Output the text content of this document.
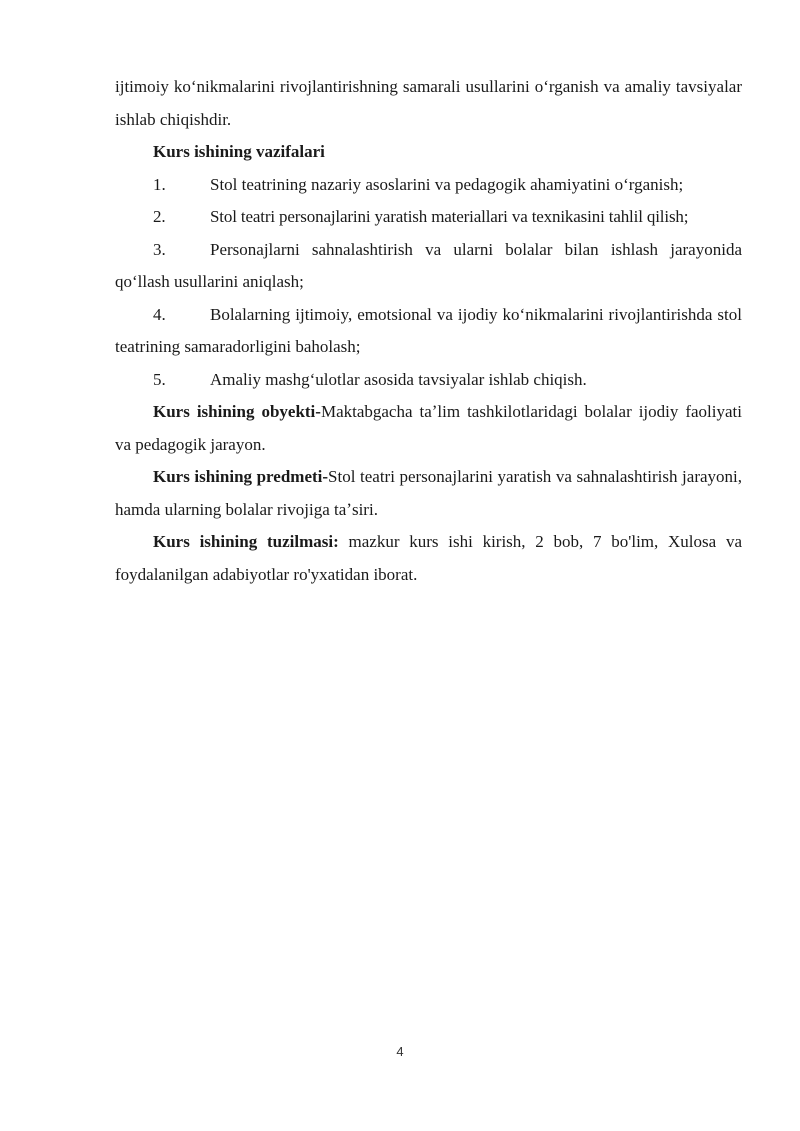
ijtimoiy koʻnikmalarini rivojlantirishning samarali usullarini oʻrganish va amaliy tavsiyalar ishlab chiqishdir.

Kurs ishining vazifalari

1.	Stol teatrining nazariy asoslarini va pedagogik ahamiyatini oʻrganish;

2.	Stol teatri personajlarini yaratish materiallari va texnikasini tahlil qilish;

3.	Personajlarni sahnalashtirish va ularni bolalar bilan ishlash jarayonida qoʻllash usullarini aniqlash;

4.	Bolalarning ijtimoiy, emotsional va ijodiy koʻnikmalarini rivojlantirishda stol teatrining samaradorligini baholash;

5.	Amaliy mashgʻulotlar asosida tavsiyalar ishlab chiqish.

Kurs ishining obyekti-Maktabgacha taʼlim tashkilotlaridagi bolalar ijodiy faoliyati va pedagogik jarayon.

Kurs ishining predmeti-Stol teatri personajlarini yaratish va sahnalashtirish jarayoni, hamda ularning bolalar rivojiga taʼsiri.

Kurs ishining tuzilmasi: mazkur kurs ishi kirish, 2 bob, 7 bo'lim, Xulosa va foydalanilgan adabiyotlar ro'yxatidan iborat.

4
